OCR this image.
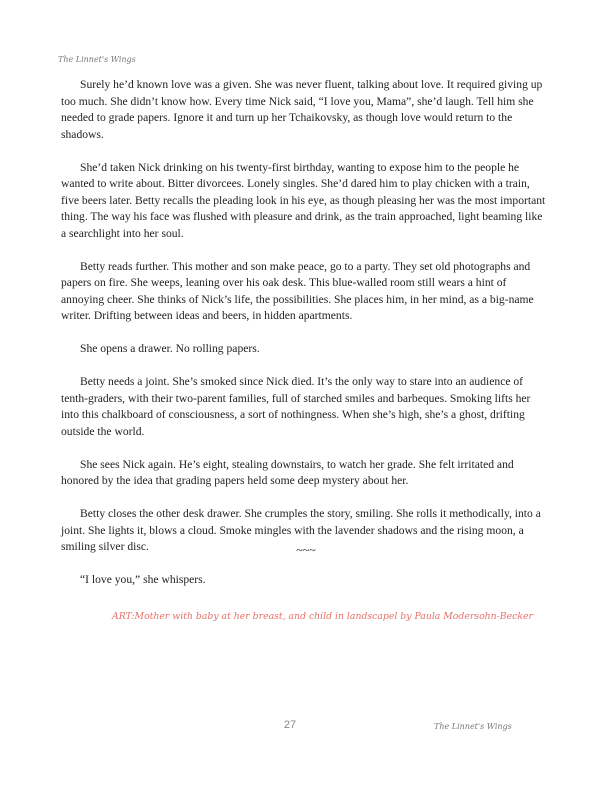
The Linnet's Wings

Surely he’d known love was a given. She was never fluent, talking about love. It required giving up too much. She didn’t know how. Every time Nick said, “I love you, Mama”, she’d laugh. Tell him she needed to grade papers. Ignore it and turn up her Tchaikovsky, as though love would return to the shadows.

She’d taken Nick drinking on his twenty-first birthday, wanting to expose him to the people he wanted to write about. Bitter divorcees. Lonely singles. She’d dared him to play chicken with a train, five beers later. Betty recalls the pleading look in his eye, as though pleasing her was the most important thing. The way his face was flushed with pleasure and drink, as the train approached, light beaming like a searchlight into her soul.

Betty reads further. This mother and son make peace, go to a party. They set old photographs and papers on fire. She weeps, leaning over his oak desk. This blue-walled room still wears a hint of annoying cheer. She thinks of Nick’s life, the possibilities. She places him, in her mind, as a big-name writer. Drifting between ideas and beers, in hidden apartments.

She opens a drawer. No rolling papers.

Betty needs a joint. She’s smoked since Nick died. It’s the only way to stare into an audience of tenth-graders, with their two-parent families, full of starched smiles and barbeques. Smoking lifts her into this chalkboard of consciousness, a sort of nothingness. When she’s high, she’s a ghost, drifting outside the world.

She sees Nick again. He’s eight, stealing downstairs, to watch her grade. She felt irritated and honored by the idea that grading papers held some deep mystery about her.

Betty closes the other desk drawer. She crumples the story, smiling. She rolls it methodically, into a joint. She lights it, blows a cloud. Smoke mingles with the lavender shadows and the rising moon, a smiling silver disc.

“I love you,” she whispers.

~~~
ART:Mother with baby at her breast, and child in landscapel by Paula Modersohn-Becker
27	The Linnet's Wings
